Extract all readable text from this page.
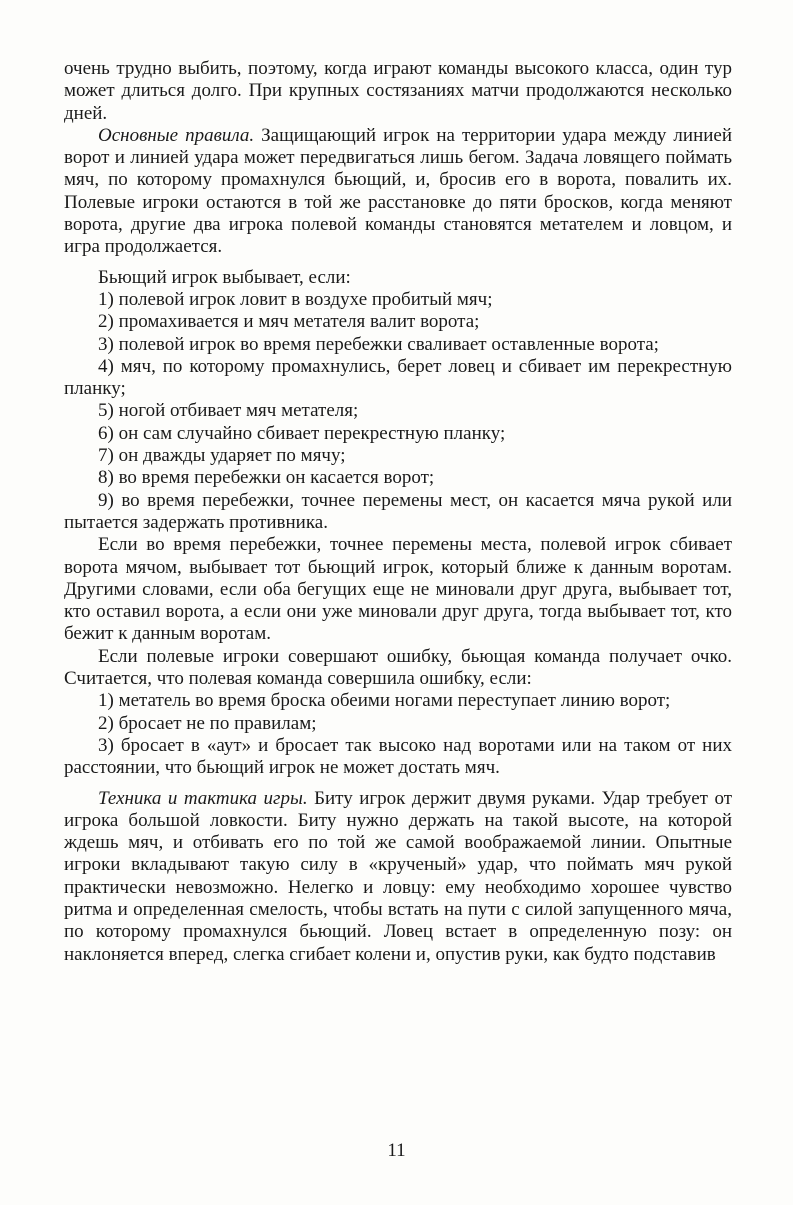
очень трудно выбить, поэтому, когда играют команды высокого класса, один тур может длиться долго. При крупных состязаниях матчи продолжаются несколько дней.

Основные правила. Защищающий игрок на территории удара между линией ворот и линией удара может передвигаться лишь бегом. Задача ловящего поймать мяч, по которому промахнулся бьющий, и, бросив его в ворота, повалить их. Полевые игроки остаются в той же расстановке до пяти бросков, когда меняют ворота, другие два игрока полевой команды становятся метателем и ловцом, и игра продолжается.

Бьющий игрок выбывает, если:

1) полевой игрок ловит в воздухе пробитый мяч;

2) промахивается и мяч метателя валит ворота;

3) полевой игрок во время перебежки сваливает оставленные ворота;

4) мяч, по которому промахнулись, берет ловец и сбивает им перекрестную планку;

5) ногой отбивает мяч метателя;

6) он сам случайно сбивает перекрестную планку;

7) он дважды ударяет по мячу;

8) во время перебежки он касается ворот;

9) во время перебежки, точнее перемены мест, он касается мяча рукой или пытается задержать противника.

Если во время перебежки, точнее перемены места, полевой игрок сбивает ворота мячом, выбывает тот бьющий игрок, который ближе к данным воротам. Другими словами, если оба бегущих еще не миновали друг друга, выбывает тот, кто оставил ворота, а если они уже миновали друг друга, тогда выбывает тот, кто бежит к данным воротам.

Если полевые игроки совершают ошибку, бьющая команда получает очко. Считается, что полевая команда совершила ошибку, если:

1) метатель во время броска обеими ногами переступает линию ворот;

2) бросает не по правилам;

3) бросает в «аут» и бросает так высоко над воротами или на таком от них расстоянии, что бьющий игрок не может достать мяч.

Техника и тактика игры. Биту игрок держит двумя руками. Удар требует от игрока большой ловкости. Биту нужно держать на такой высоте, на которой ждешь мяч, и отбивать его по той же самой воображаемой линии. Опытные игроки вкладывают такую силу в «крученый» удар, что поймать мяч рукой практически невозможно. Нелегко и ловцу: ему необходимо хорошее чувство ритма и определенная смелость, чтобы встать на пути с силой запущенного мяча, по которому промахнулся бьющий. Ловец встает в определенную позу: он наклоняется вперед, слегка сгибает колени и, опустив руки, как будто подставив

11
